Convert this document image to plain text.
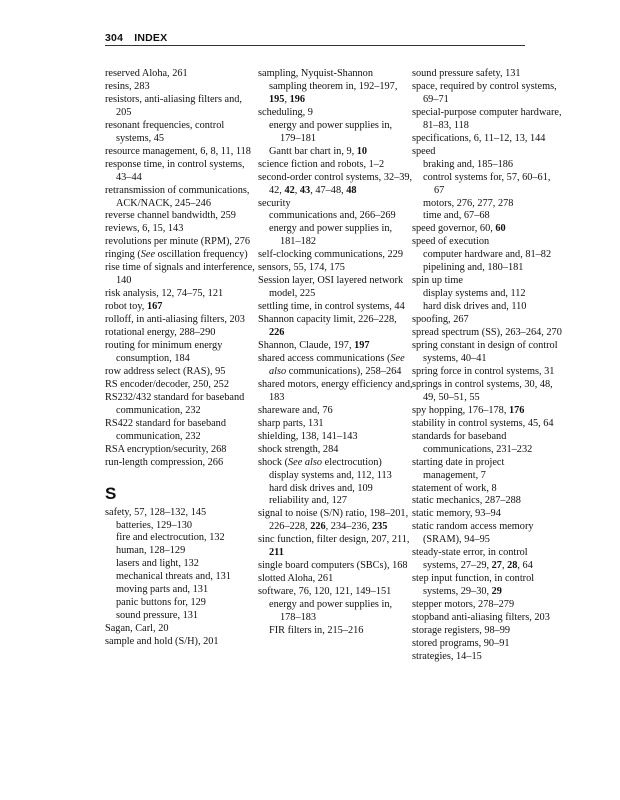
304 INDEX
reserved Aloha, 261
resins, 283
resistors, anti-aliasing filters and, 205
resonant frequencies, control systems, 45
resource management, 6, 8, 11, 118
response time, in control systems, 43–44
retransmission of communications, ACK/NACK, 245–246
reverse channel bandwidth, 259
reviews, 6, 15, 143
revolutions per minute (RPM), 276
ringing (See oscillation frequency)
rise time of signals and interference, 140
risk analysis, 12, 74–75, 121
robot toy, 167
rolloff, in anti-aliasing filters, 203
rotational energy, 288–290
routing for minimum energy consumption, 184
row address select (RAS), 95
RS encoder/decoder, 250, 252
RS232/432 standard for baseband communication, 232
RS422 standard for baseband communication, 232
RSA encryption/security, 268
run-length compression, 266
S
safety, 57, 128–132, 145
batteries, 129–130
fire and electrocution, 132
human, 128–129
lasers and light, 132
mechanical threats and, 131
moving parts and, 131
panic buttons for, 129
sound pressure, 131
Sagan, Carl, 20
sample and hold (S/H), 201
sampling, Nyquist-Shannon sampling theorem in, 192–197, 195, 196
scheduling, 9
energy and power supplies in, 179–181
Gantt bar chart in, 9, 10
science fiction and robots, 1–2
second-order control systems, 32–39, 42, 42, 43, 47–48, 48
security
communications and, 266–269
energy and power supplies in, 181–182
self-clocking communications, 229
sensors, 55, 174, 175
Session layer, OSI layered network model, 225
settling time, in control systems, 44
Shannon capacity limit, 226–228, 226
Shannon, Claude, 197, 197
shared access communications (See also communications), 258–264
shared motors, energy efficiency and, 183
shareware and, 76
sharp parts, 131
shielding, 138, 141–143
shock strength, 284
shock (See also electrocution)
display systems and, 112, 113
hard disk drives and, 109
reliability and, 127
signal to noise (S/N) ratio, 198–201, 226–228, 226, 234–236, 235
sinc function, filter design, 207, 211, 211
single board computers (SBCs), 168
slotted Aloha, 261
software, 76, 120, 121, 149–151
energy and power supplies in, 178–183
FIR filters in, 215–216
sound pressure safety, 131
space, required by control systems, 69–71
special-purpose computer hardware, 81–83, 118
specifications, 6, 11–12, 13, 144
speed
braking and, 185–186
control systems for, 57, 60–61, 67
motors, 276, 277, 278
time and, 67–68
speed governor, 60, 60
speed of execution
computer hardware and, 81–82
pipelining and, 180–181
spin up time
display systems and, 112
hard disk drives and, 110
spoofing, 267
spread spectrum (SS), 263–264, 270
spring constant in design of control systems, 40–41
spring force in control systems, 31
springs in control systems, 30, 48, 49, 50–51, 55
spy hopping, 176–178, 176
stability in control systems, 45, 64
standards for baseband communications, 231–232
starting date in project management, 7
statement of work, 8
static mechanics, 287–288
static memory, 93–94
static random access memory (SRAM), 94–95
steady-state error, in control systems, 27–29, 27, 28, 64
step input function, in control systems, 29–30, 29
stepper motors, 278–279
stopband anti-aliasing filters, 203
storage registers, 98–99
stored programs, 90–91
strategies, 14–15
